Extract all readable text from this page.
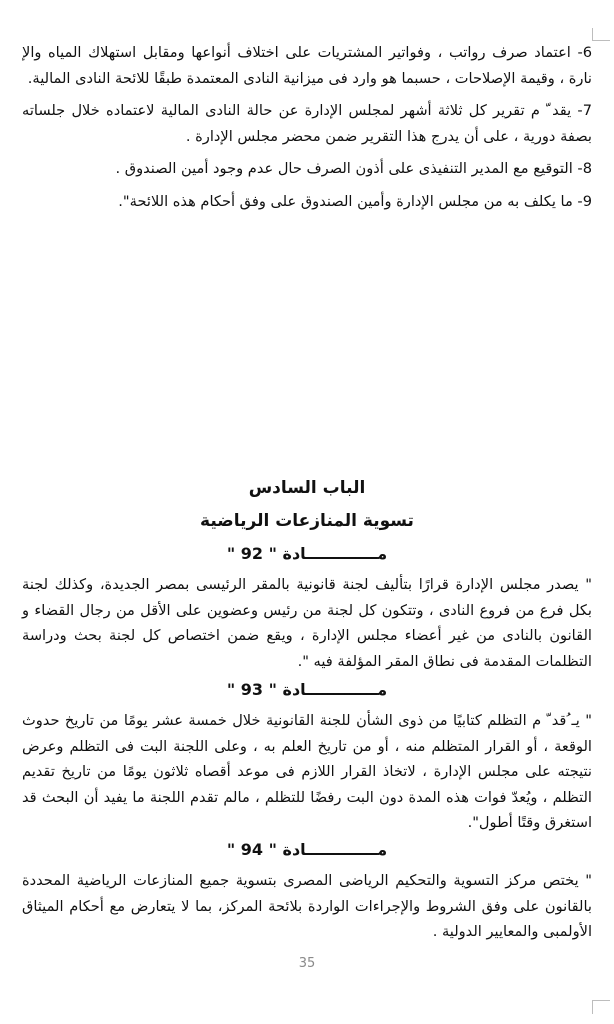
6- اعتماد صرف رواتب ، وفواتير المشتريات على اختلاف أنواعها ومقابل استهلاك المياه والإ نارة ، وقيمة الإصلاحات ، حسبما هو وارد فى ميزانية النادى المعتمدة طبقًا للائحة النادى المالية.
7- يقد ّ م تقرير كل ثلاثة أشهر لمجلس الإدارة عن حالة النادى المالية لاعتماده خلال جلساته بصفة دورية ، على أن يدرج هذا التقرير ضمن محضر مجلس الإدارة .
8- التوقيع مع المدير التنفيذى على أذون الصرف حال عدم وجود أمين الصندوق .
9- ما يكلف به من مجلس الإدارة وأمين الصندوق على وفق أحكام هذه اللائحة".
الباب السادس
تسوية المنازعات الرياضية
مـــــــــــــادة " 92 "

" يصدر مجلس الإدارة قرارًا بتأليف لجنة قانونية بالمقر الرئيسى بمصر الجديدة، وكذلك لجنة بكل فرع من فروع النادى ، وتتكون كل لجنة من رئيس وعضوين على الأقل من رجال القضاء و القانون بالنادى من غير أعضاء مجلس الإدارة ، ويقع ضمن اختصاص كل لجنة بحث ودراسة التظلمات المقدمة فى نطاق المقر المؤلفة فيه ".

مـــــــــــــادة " 93 "

" يـ ُقد ّ م التظلم كتابيًا من ذوى الشأن للجنة القانونية خلال خمسة عشر يومًا من تاريخ حدوث الوقعة ، أو القرار المتظلم منه ، أو من تاريخ العلم به ، وعلى اللجنة البت فى التظلم وعرض نتيجته على مجلس الإدارة ، لاتخاذ القرار اللازم فى موعد أقصاه ثلاثون يومًا من تاريخ تقديم التظلم ، ويُعدّ فوات هذه المدة دون البت رفضًا للتظلم ، مالم تقدم اللجنة ما يفيد أن البحث قد استغرق وقتًا أطول".

مـــــــــــــادة " 94 "

" يختص مركز التسوية والتحكيم الرياضى المصرى بتسوية جميع المنازعات الرياضية المحددة بالقانون على وفق الشروط والإجراءات الواردة بلائحة المركز، بما لا يتعارض مع أحكام الميثاق الأولمبى والمعايير الدولية .

35
